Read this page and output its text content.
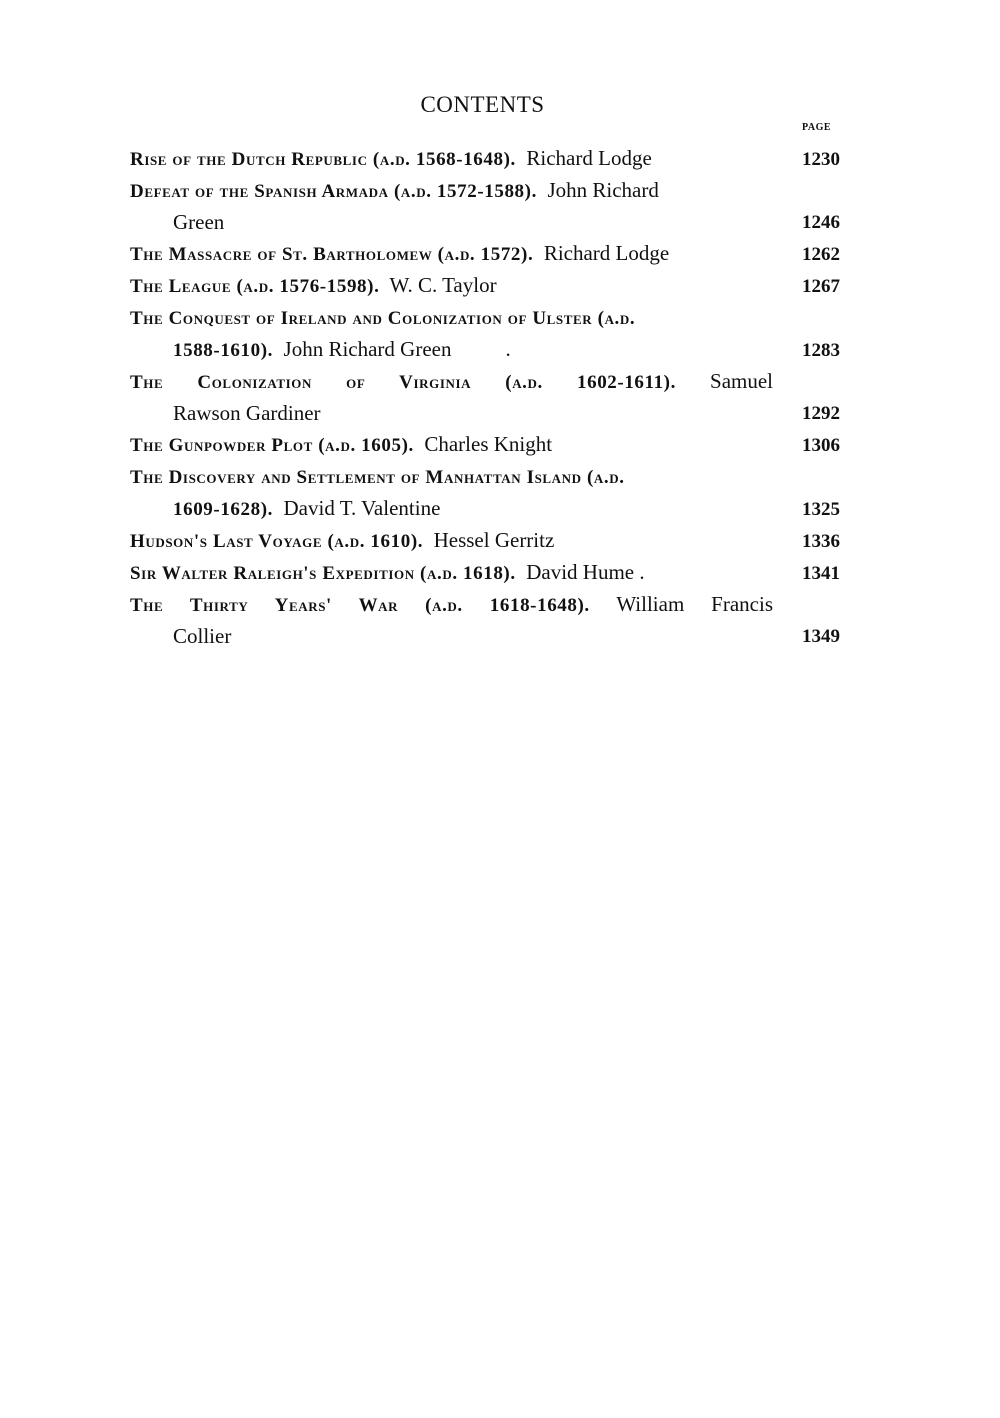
CONTENTS
PAGE
Rise of the Dutch Republic (a.d. 1568-1648). Richard Lodge	1230
Defeat of the Spanish Armada (a.d. 1572-1588). John Richard
Green	1246
The Massacre of St. Bartholomew (a.d. 1572). Richard Lodge	1262
The League (a.d. 1576-1598). W. C. Taylor	1267
The Conquest of Ireland and Colonization of Ulster (a.d.
1588-1610). John Richard Green	.	1283
The Colonization of Virginia (a.d. 1602-1611). Samuel
Rawson Gardiner	1292
The Gunpowder Plot (a.d. 1605). Charles Knight	1306
The Discovery and Settlement of Manhattan Island (a.d.
1609-1628). David T. Valentine	1325
Hudson's Last Voyage (a.d. 1610). Hessel Gerritz	1336
Sir Walter Raleigh's Expedition (a.d. 1618). David Hume .	1341
The Thirty Years' War (a.d. 1618-1648). William Francis
Collier	1349
